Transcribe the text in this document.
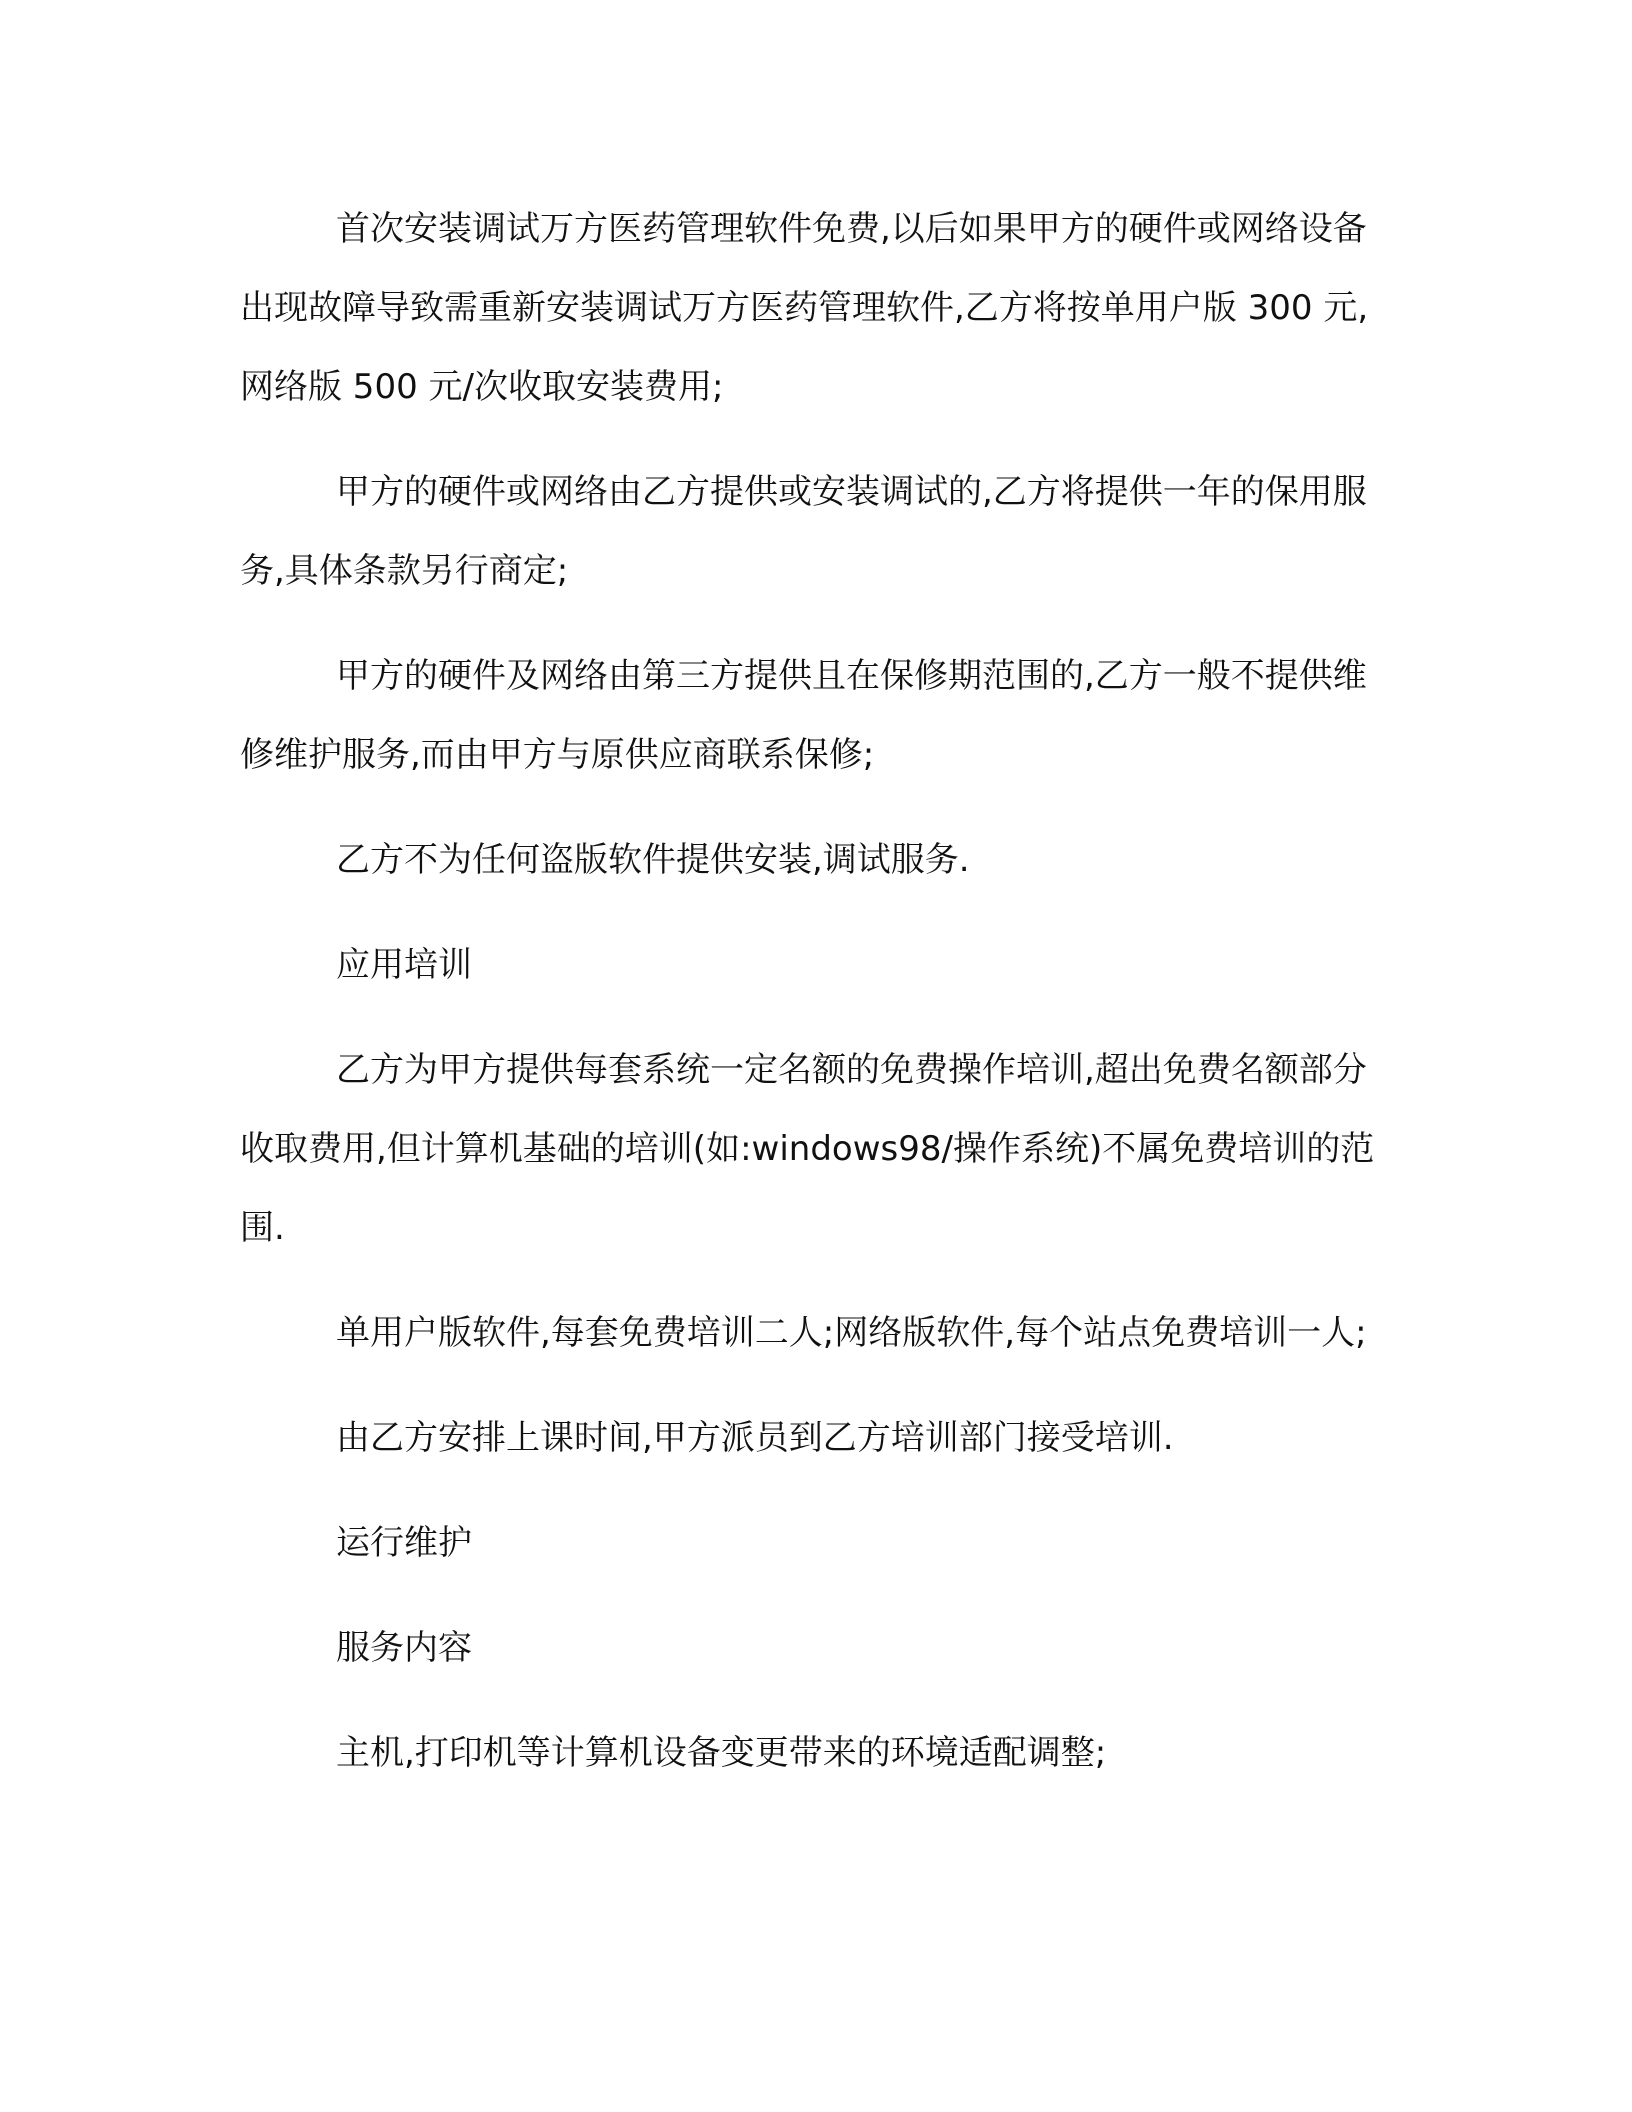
首次安装调试万方医药管理软件免费,以后如果甲方的硬件或网络设备出现故障导致需重新安装调试万方医药管理软件,乙方将按单用户版 300 元,网络版 500 元/次收取安装费用;

甲方的硬件或网络由乙方提供或安装调试的,乙方将提供一年的保用服务,具体条款另行商定;

甲方的硬件及网络由第三方提供且在保修期范围的,乙方一般不提供维修维护服务,而由甲方与原供应商联系保修;

乙方不为任何盗版软件提供安装,调试服务.

应用培训

乙方为甲方提供每套系统一定名额的免费操作培训,超出免费名额部分收取费用,但计算机基础的培训(如:windows98/操作系统)不属免费培训的范围.

单用户版软件,每套免费培训二人;网络版软件,每个站点免费培训一人;

由乙方安排上课时间,甲方派员到乙方培训部门接受培训.

运行维护

服务内容

主机,打印机等计算机设备变更带来的环境适配调整;
